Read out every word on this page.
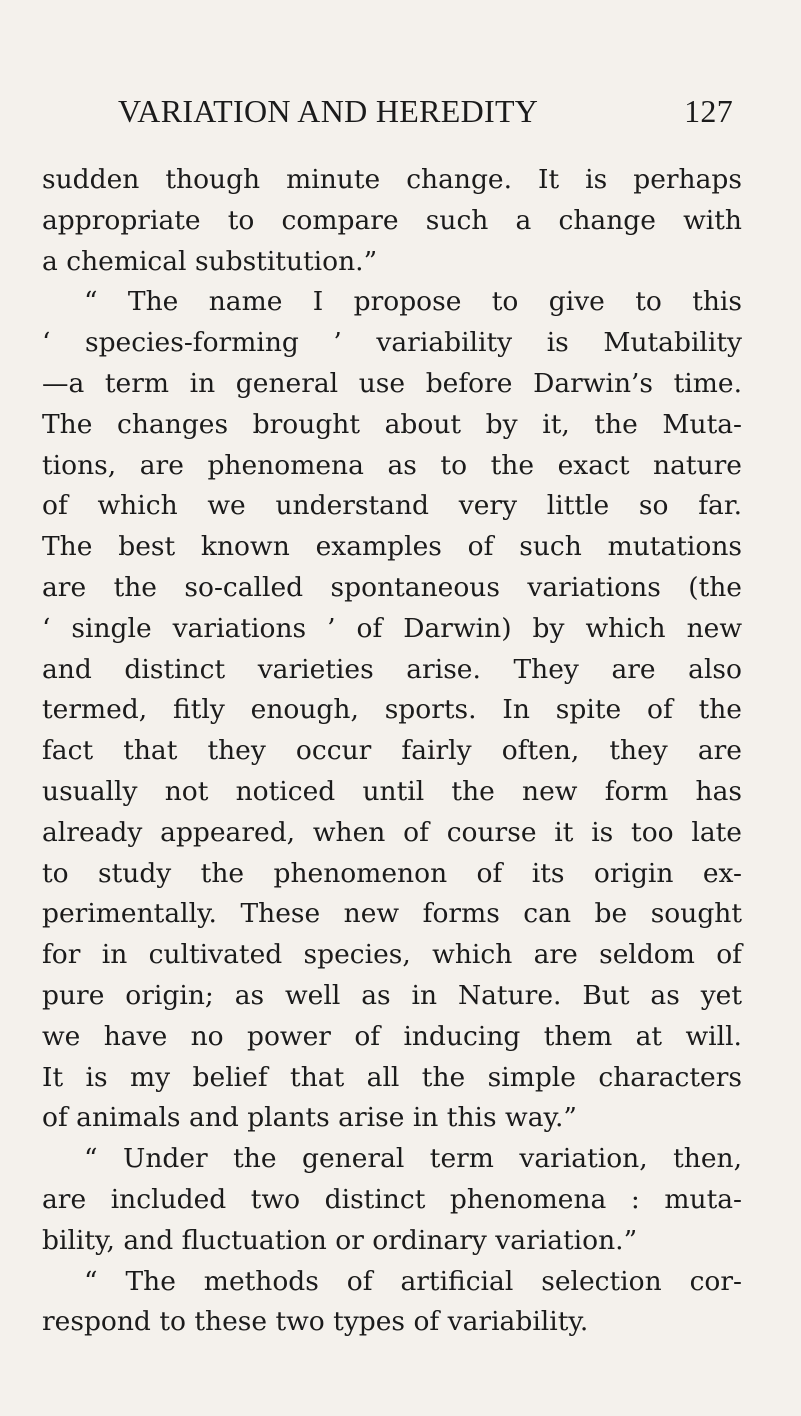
VARIATION AND HEREDITY	127
sudden though minute change. It is perhaps
appropriate to compare such a change with
a chemical substitution.”
“ The name I propose to give to this
‘ species-forming ’ variability is Mutability
—a term in general use before Darwin’s time.
The changes brought about by it, the Muta-
tions, are phenomena as to the exact nature
of which we understand very little so far.
The best known examples of such mutations
are the so-called spontaneous variations (the
‘ single variations ’ of Darwin) by which new
and distinct varieties arise. They are also
termed, fitly enough, sports. In spite of the
fact that they occur fairly often, they are
usually not noticed until the new form has
already appeared, when of course it is too late
to study the phenomenon of its origin ex-
perimentally. These new forms can be sought
for in cultivated species, which are seldom of
pure origin; as well as in Nature. But as yet
we have no power of inducing them at will.
It is my belief that all the simple characters
of animals and plants arise in this way.”
“ Under the general term variation, then,
are included two distinct phenomena : muta-
bility, and fluctuation or ordinary variation.”
“ The methods of artificial selection cor-
respond to these two types of variability.
